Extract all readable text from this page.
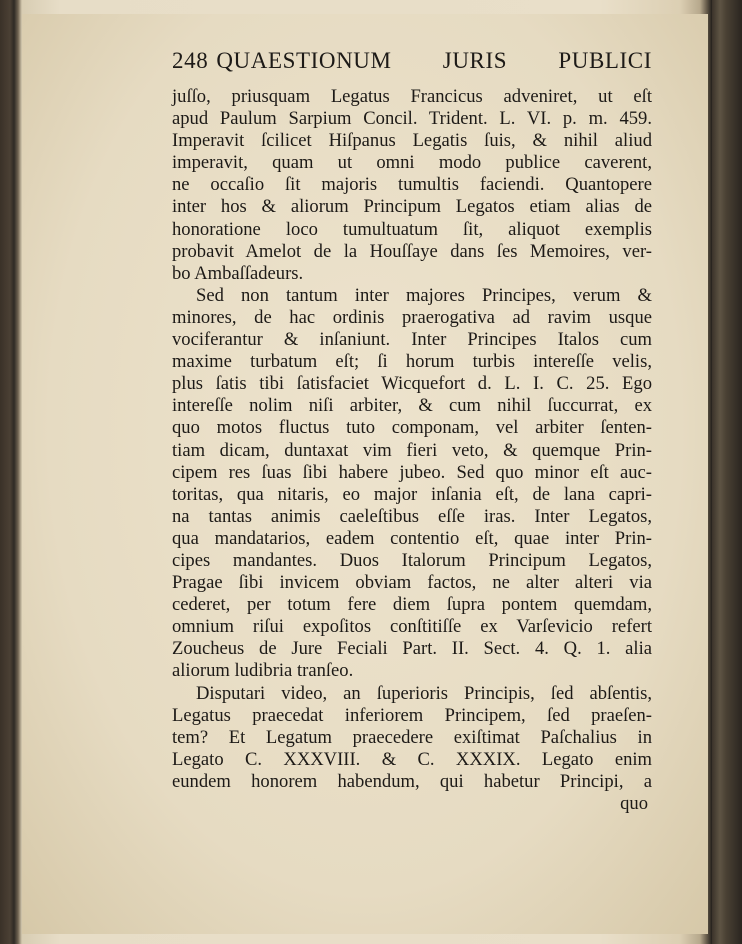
248 QUAESTIONUM JURIS PUBLICI
juſſo, priusquam Legatus Francicus adveniret, ut eſt
apud Paulum Sarpium Concil. Trident. L. VI. p. m. 459.
Imperavit ſcilicet Hiſpanus Legatis ſuis, & nihil aliud
imperavit, quam ut omni modo publice caverent,
ne occaſio ſit majoris tumultis faciendi. Quantopere
inter hos & aliorum Principum Legatos etiam alias de
honoratione loco tumultuatum ſit, aliquot exemplis
probavit Amelot de la Houſſaye dans ſes Memoires, ver-
bo Ambaſſadeurs.
Sed non tantum inter majores Principes, verum &
minores, de hac ordinis praerogativa ad ravim usque
vociferantur & inſaniunt. Inter Principes Italos cum
maxime turbatum eſt; ſi horum turbis intereſſe velis,
plus ſatis tibi ſatisfaciet Wicquefort d. L. I. C. 25. Ego
intereſſe nolim niſi arbiter, & cum nihil ſuccurrat, ex
quo motos fluctus tuto componam, vel arbiter ſenten-
tiam dicam, duntaxat vim fieri veto, & quemque Prin-
cipem res ſuas ſibi habere jubeo. Sed quo minor eſt auc-
toritas, qua nitaris, eo major inſania eſt, de lana capri-
na tantas animis caeleſtibus eſſe iras. Inter Legatos,
qua mandatarios, eadem contentio eſt, quae inter Prin-
cipes mandantes. Duos Italorum Principum Legatos,
Pragae ſibi invicem obviam factos, ne alter alteri via
cederet, per totum fere diem ſupra pontem quemdam,
omnium riſui expoſitos conſtitiſſe ex Varſevicio refert
Zoucheus de Jure Feciali Part. II. Sect. 4. Q. 1. alia
aliorum ludibria tranſeo.
Disputari video, an ſuperioris Principis, ſed abſentis,
Legatus praecedat inferiorem Principem, ſed praeſen-
tem? Et Legatum praecedere exiſtimat Paſchalius in
Legato C. XXXVIII. & C. XXXIX. Legato enim
eundem honorem habendum, qui habetur Principi, a
quo
